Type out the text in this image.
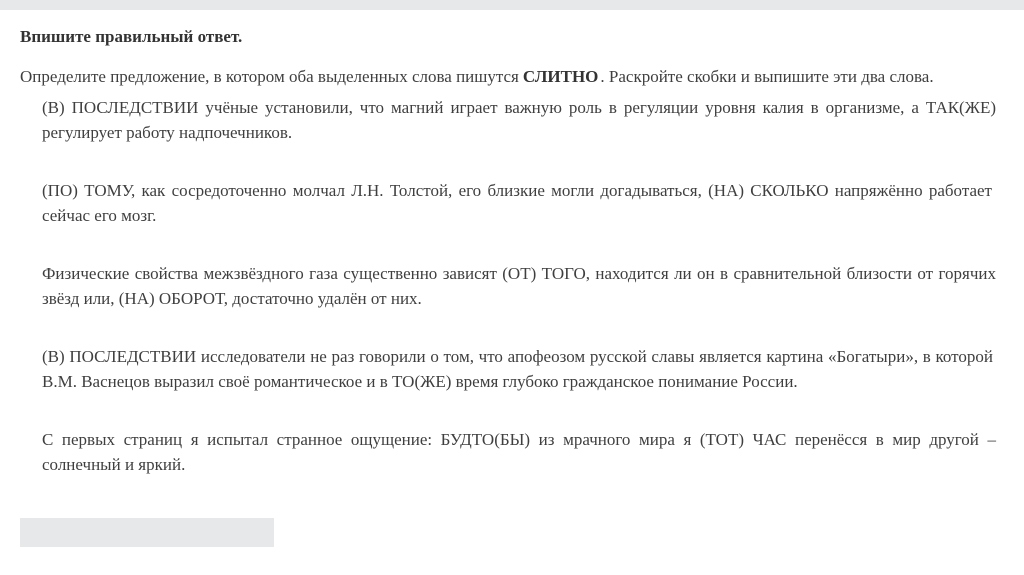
Впишите правильный ответ.
Определите предложение, в котором оба выделенных слова пишутся СЛИТНО . Раскройте скобки и выпишите эти два слова.
(В) ПОСЛЕДСТВИИ учёные установили, что магний играет важную роль в регуляции уровня калия в организме, а ТАК(ЖЕ) регулирует работу надпочечников.
(ПО) ТОМУ, как сосредоточенно молчал Л.Н. Толстой, его близкие могли догадываться, (НА) СКОЛЬКО напряжённо работает сейчас его мозг.
Физические свойства межзвёздного газа существенно зависят (ОТ) ТОГО, находится ли он в сравнительной близости от горячих звёзд или, (НА) ОБОРОТ, достаточно удалён от них.
(В) ПОСЛЕДСТВИИ исследователи не раз говорили о том, что апофеозом русской славы является картина «Богатыри», в которой В.М. Васнецов выразил своё романтическое и в ТО(ЖЕ) время глубоко гражданское понимание России.
С первых страниц я испытал странное ощущение: БУДТО(БЫ) из мрачного мира я (ТОТ) ЧАС перенёсся в мир другой – солнечный и яркий.
